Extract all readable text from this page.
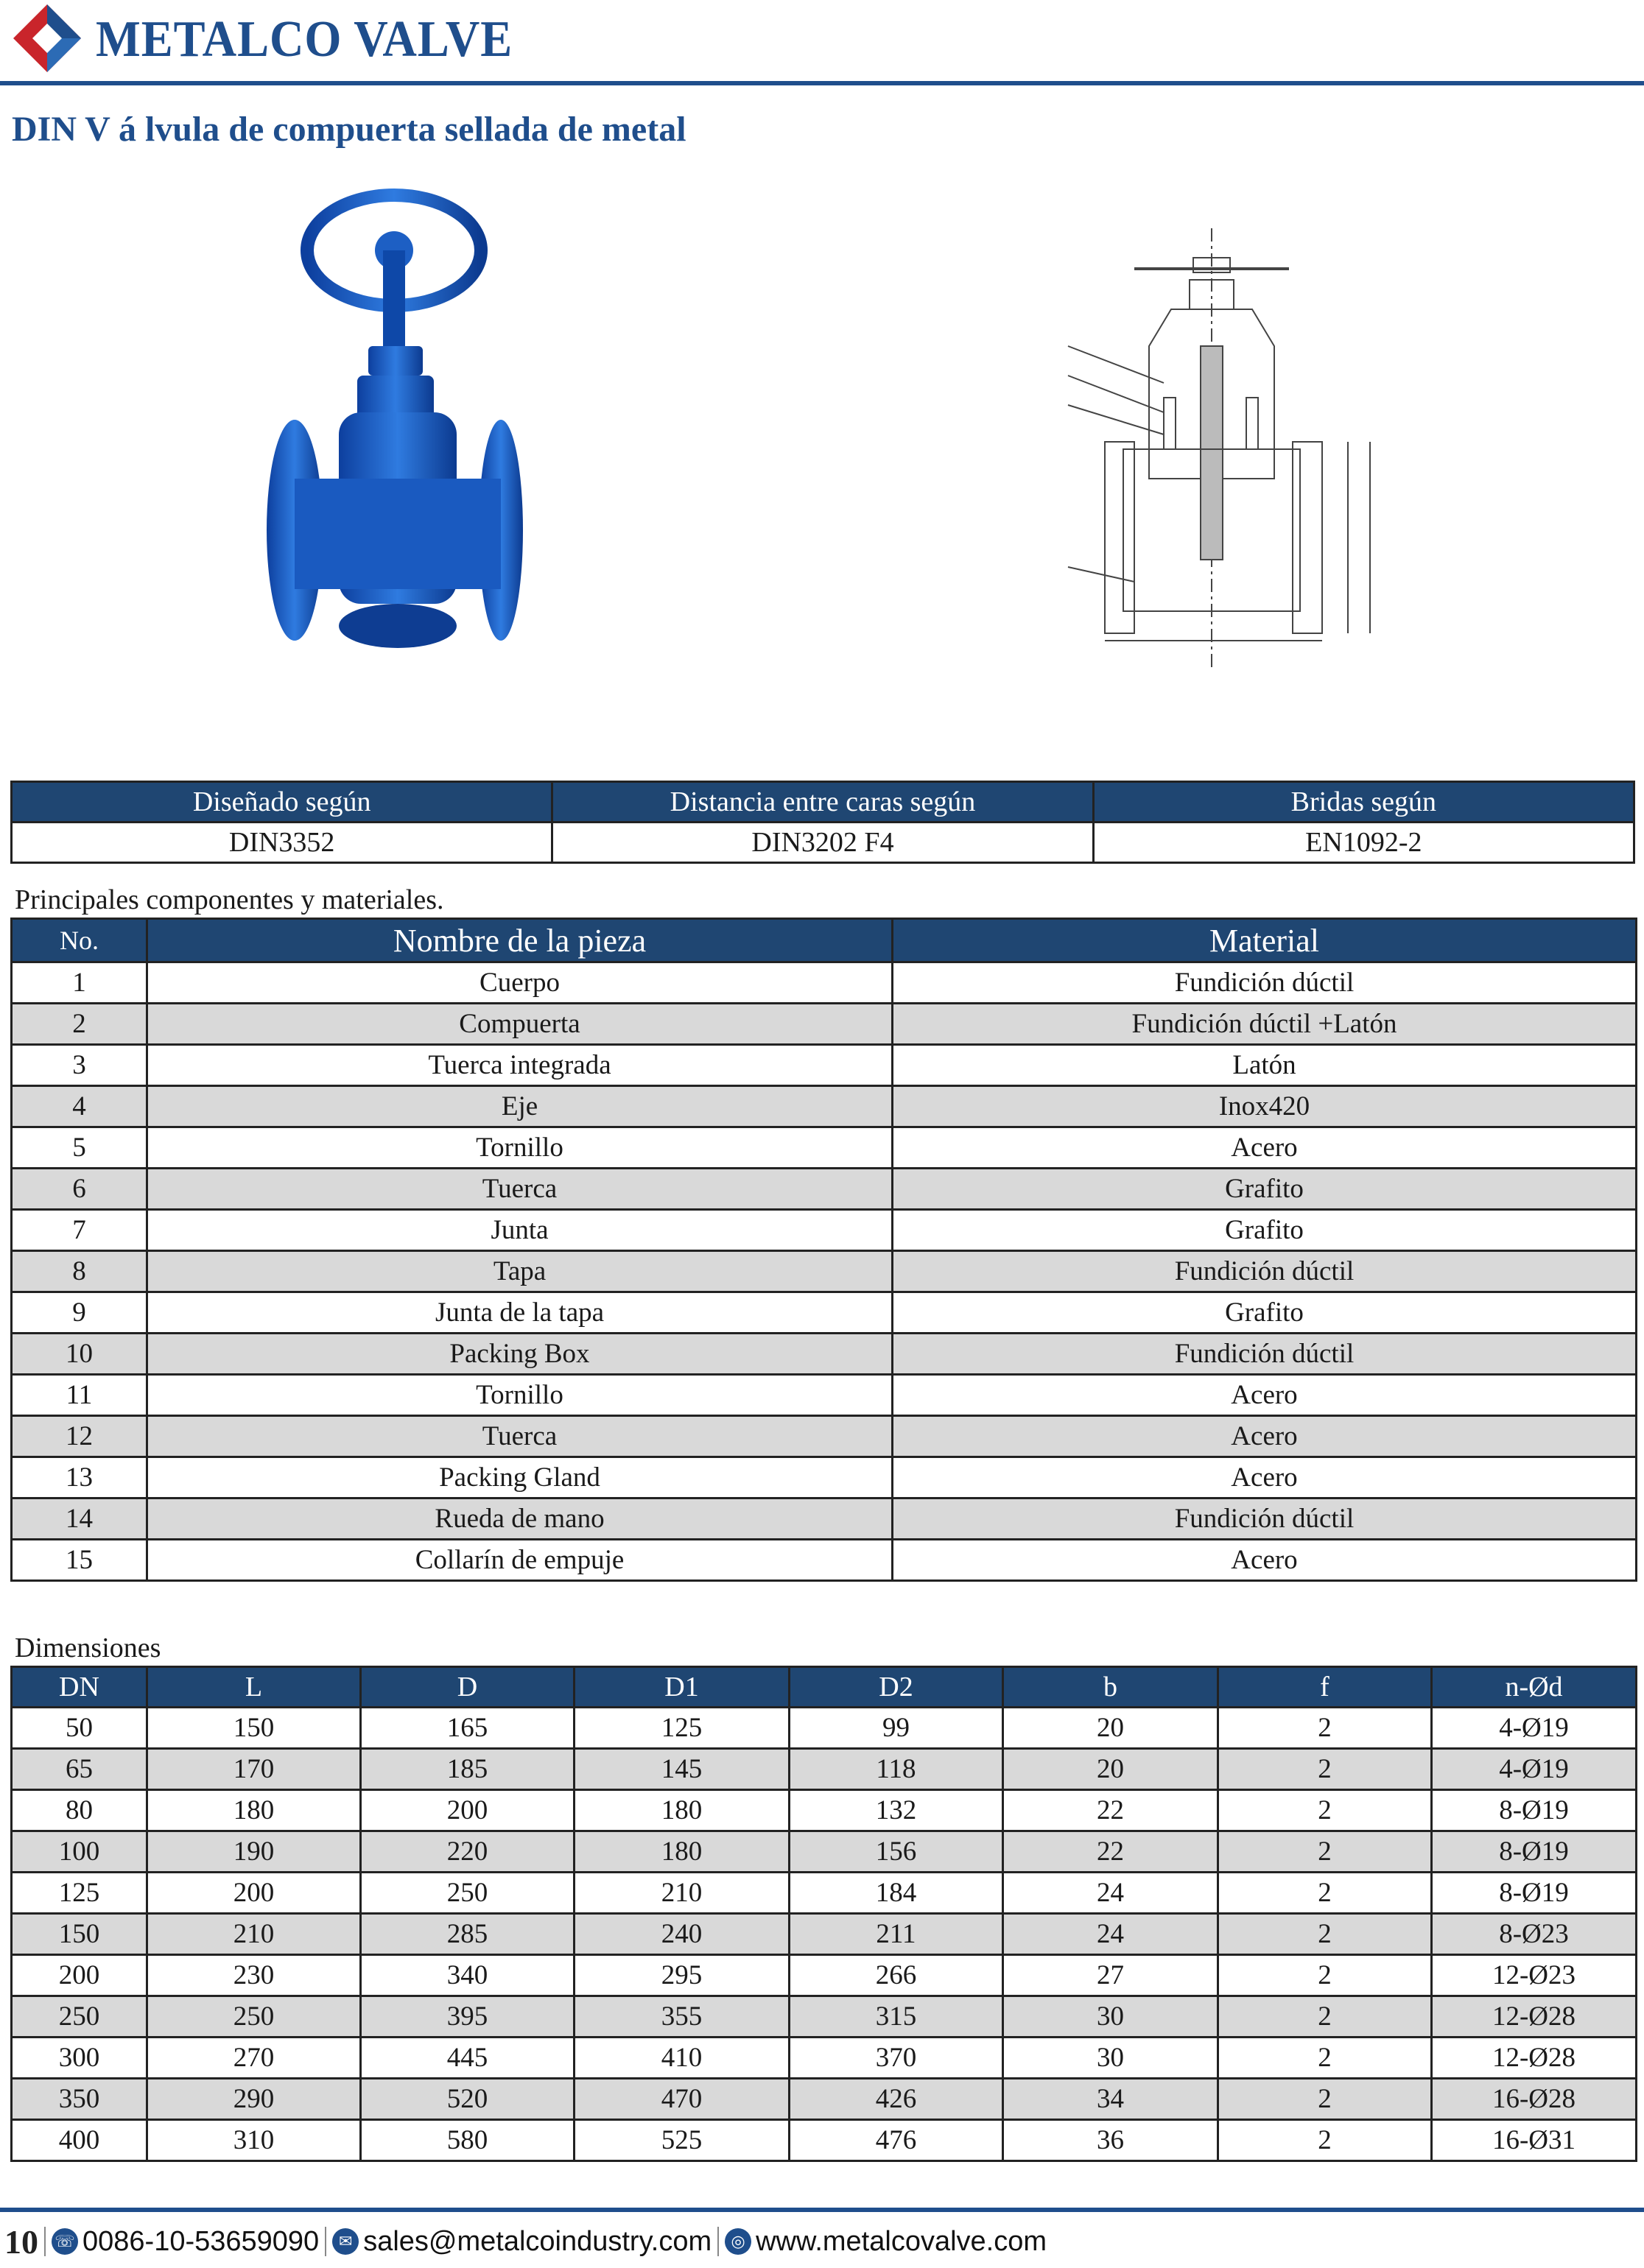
METALCO VALVE
DIN V á lvula de compuerta sellada de metal
Diseñado según	Distancia entre caras según	Bridas según
DIN3352	DIN3202 F4	EN1092-2
Principales componentes y materiales.
No.	Nombre de la pieza	Material
1	Cuerpo	Fundición dúctil
2	Compuerta	Fundición dúctil +Latón
3	Tuerca integrada	Latón
4	Eje	Inox420
5	Tornillo	Acero
6	Tuerca	Grafito
7	Junta	Grafito
8	Tapa	Fundición dúctil
9	Junta de la tapa	Grafito
10	Packing Box	Fundición dúctil
11	Tornillo	Acero
12	Tuerca	Acero
13	Packing Gland	Acero
14	Rueda de mano	Fundición dúctil
15	Collarín de empuje	Acero
Dimensiones
DN	L	D	D1	D2	b	f	n-Ød
50	150	165	125	99	20	2	4-Ø19
65	170	185	145	118	20	2	4-Ø19
80	180	200	180	132	22	2	8-Ø19
100	190	220	180	156	22	2	8-Ø19
125	200	250	210	184	24	2	8-Ø19
150	210	285	240	211	24	2	8-Ø23
200	230	340	295	266	27	2	12-Ø23
250	250	395	355	315	30	2	12-Ø28
300	270	445	410	370	30	2	12-Ø28
350	290	520	470	426	34	2	16-Ø28
400	310	580	525	476	36	2	16-Ø31
10 ☏ 0086-10-53659090	✉ sales@metalcoindustry.com	◎ www.metalcovalve.com
